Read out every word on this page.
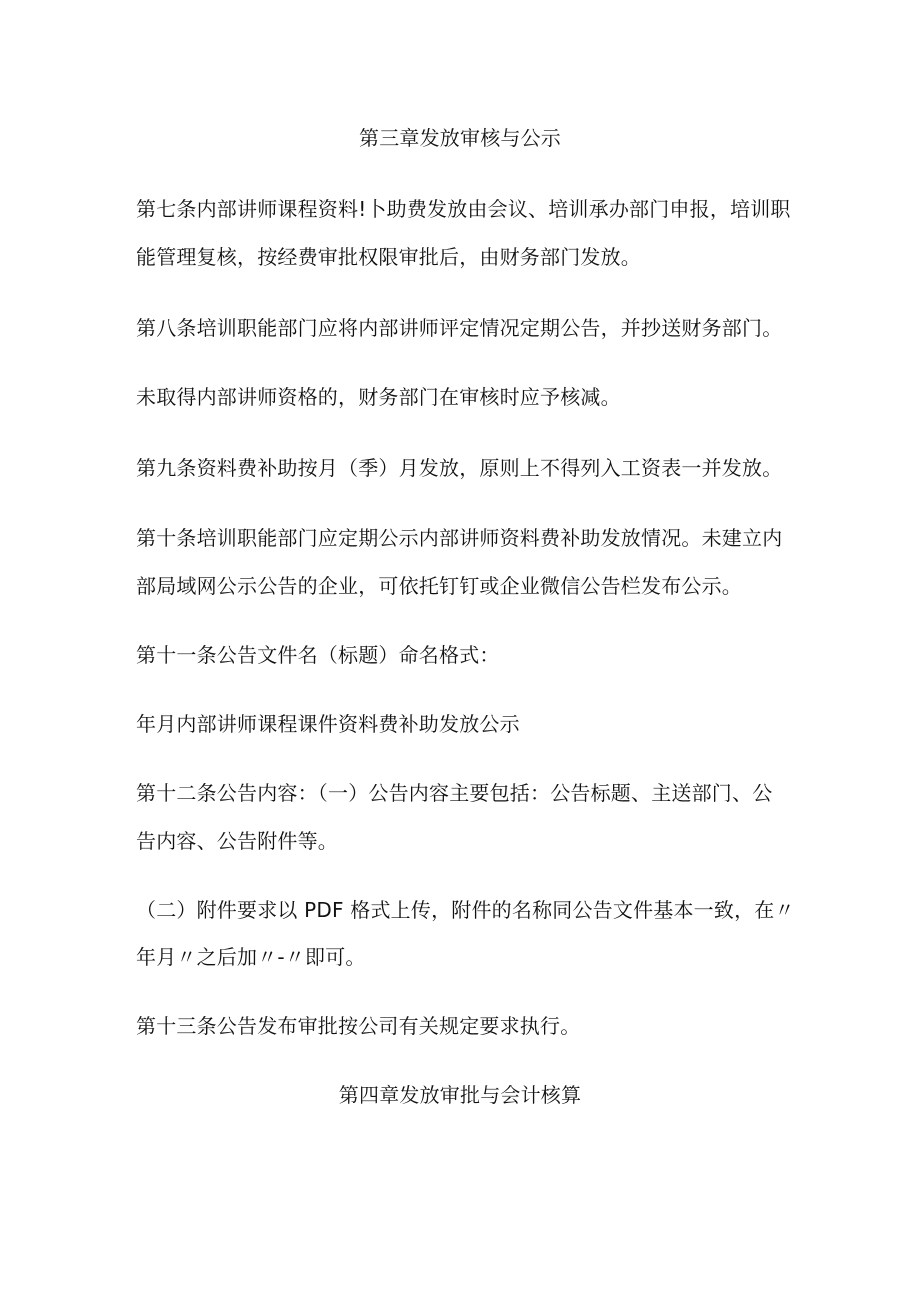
第三章发放审核与公示
第七条内部讲师课程资料!卜助费发放由会议、培训承办部门申报，培训职
能管理复核，按经费审批权限审批后，由财务部门发放。
第八条培训职能部门应将内部讲师评定情况定期公告，并抄送财务部门。
未取得内部讲师资格的，财务部门在审核时应予核减。
第九条资料费补助按月（季）月发放，原则上不得列入工资表一并发放。
第十条培训职能部门应定期公示内部讲师资料费补助发放情况。未建立内
部局域网公示公告的企业，可依托钉钉或企业微信公告栏发布公示。
第十一条公告文件名（标题）命名格式：
年月内部讲师课程课件资料费补助发放公示
第十二条公告内容：（一）公告内容主要包括：公告标题、主送部门、公
告内容、公告附件等。
（二）附件要求以 PDF 格式上传，附件的名称同公告文件基本一致，在〃
年月〃之后加〃-〃即可。
第十三条公告发布审批按公司有关规定要求执行。
第四章发放审批与会计核算
